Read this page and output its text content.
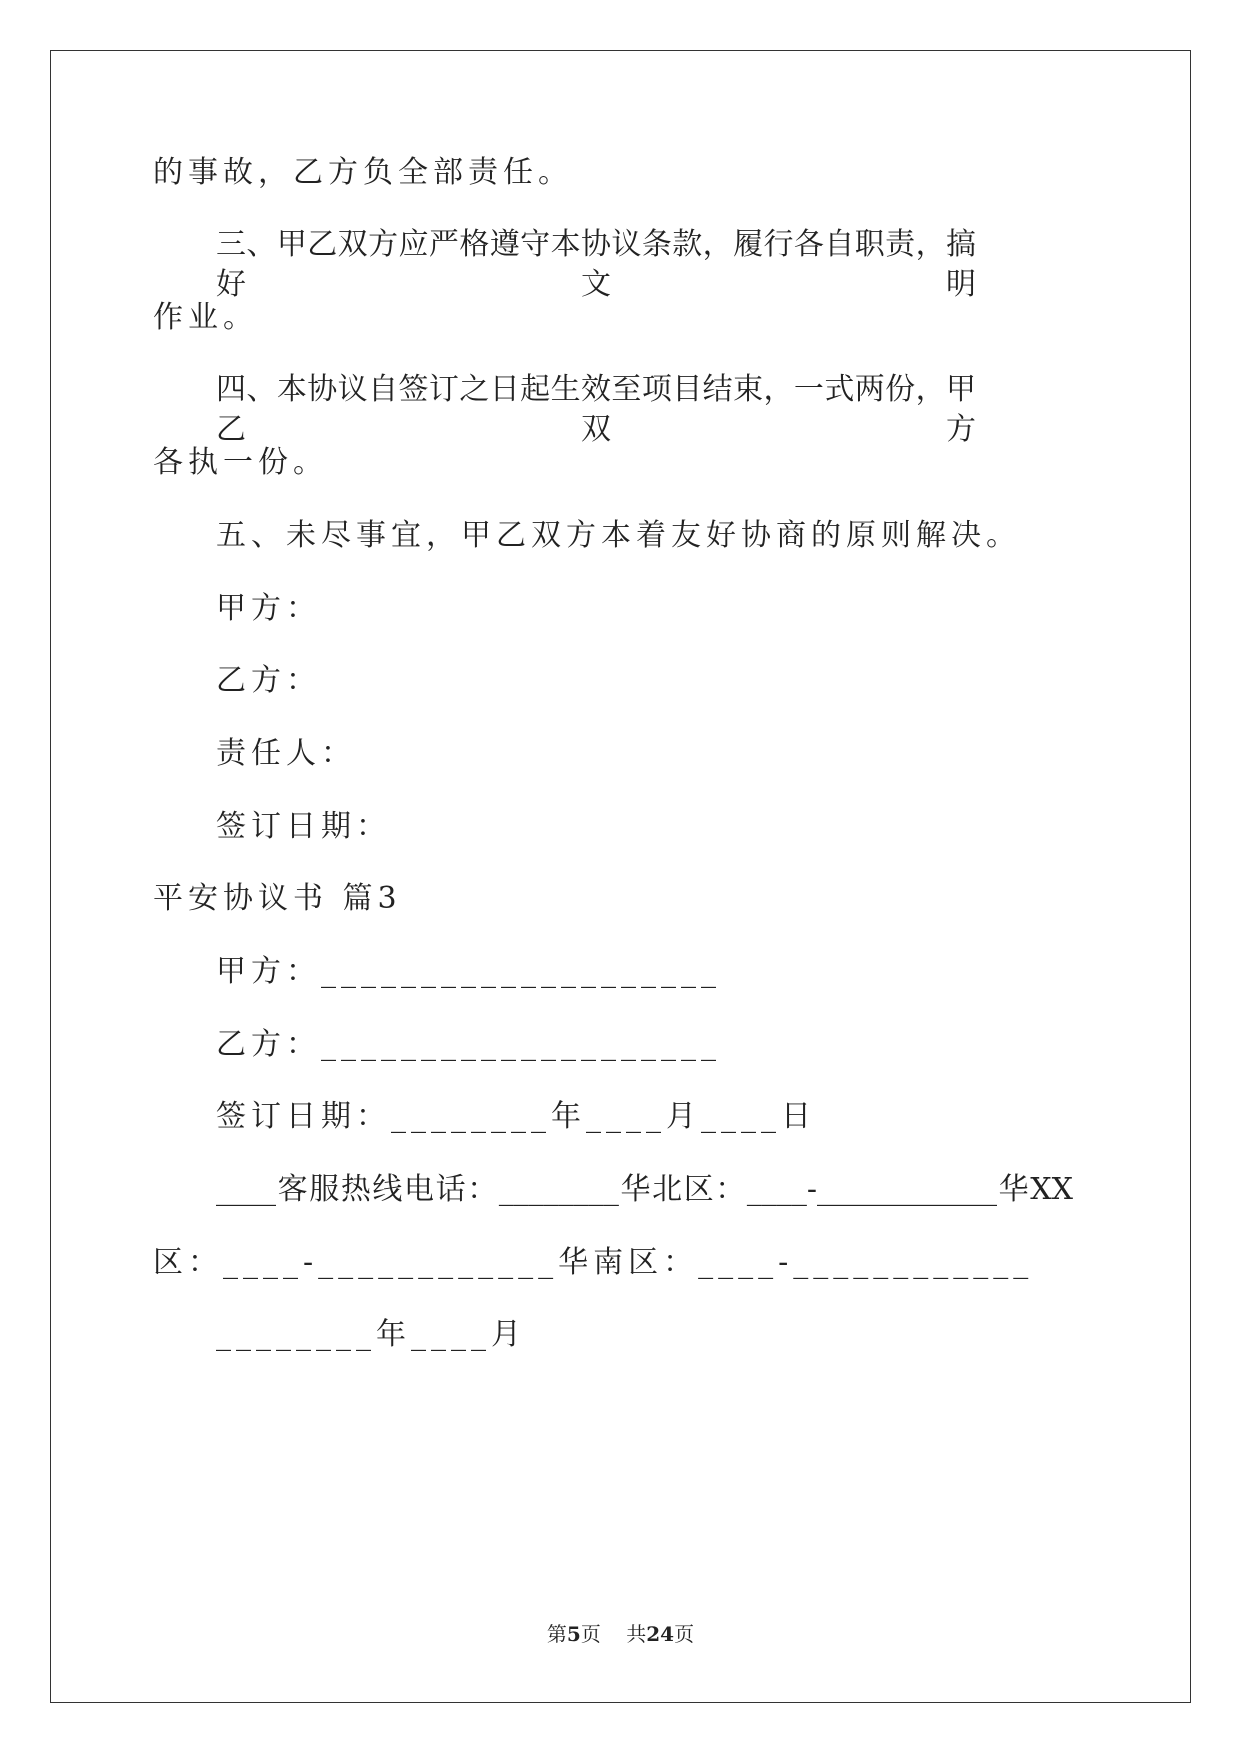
的事故，乙方负全部责任。
三、甲乙双方应严格遵守本协议条款，履行各自职责，搞好文明
作业。
四、本协议自签订之日起生效至项目结束，一式两份，甲乙双方
各执一份。
五、未尽事宜，甲乙双方本着友好协商的原则解决。
甲方：
乙方：
责任人：
签订日期：
平安协议书 篇3
甲方：____________________
乙方：____________________
签订日期：________年____月____日
____客服热线电话：________华北区：____-____________华XX
区：____-____________华南区：____-____________
________年____月
第5页    共24页
